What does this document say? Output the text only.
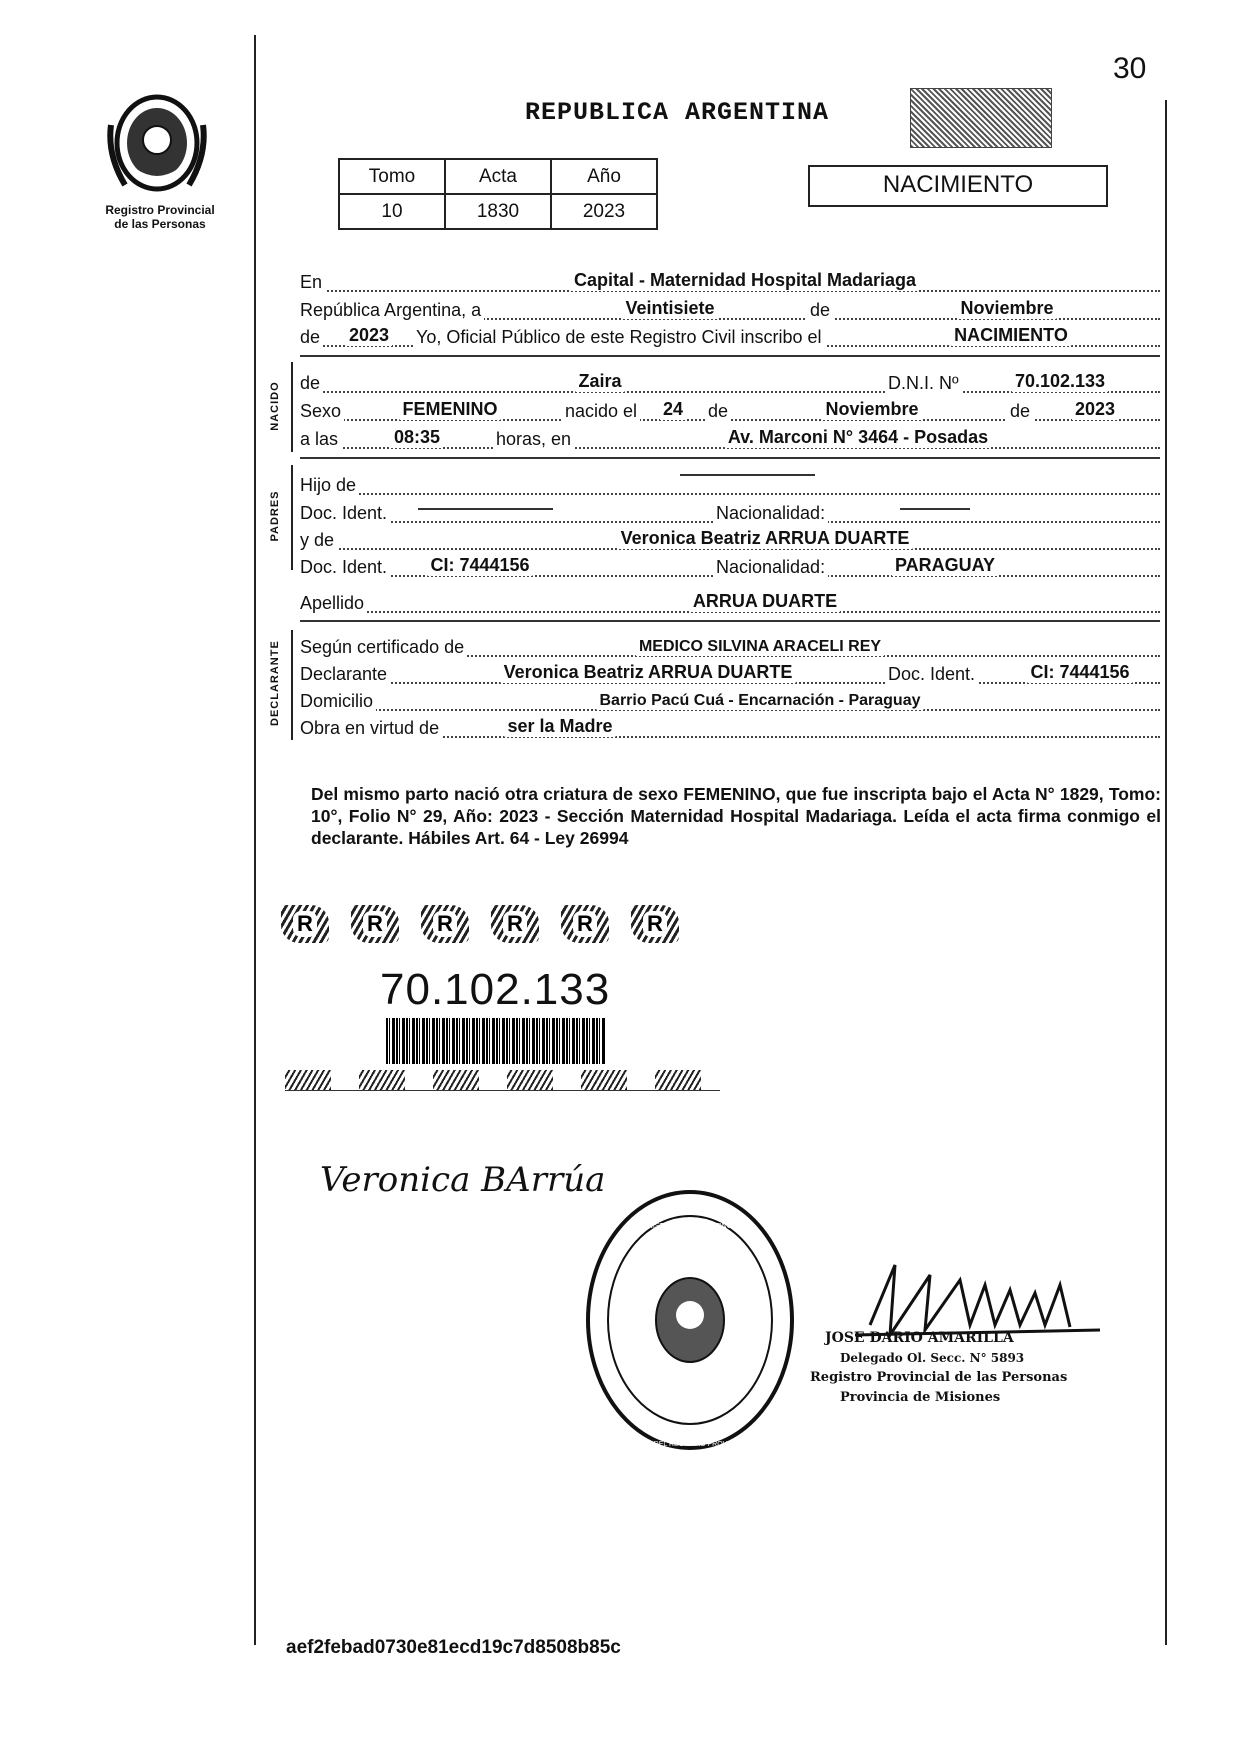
30
Registro Provincial
de las Personas
REPUBLICA ARGENTINA
Tomo	Acta	Año
10	1830	2023
NACIMIENTO
En	Capital - Maternidad Hospital Madariaga
República Argentina, a	Veintisiete	de	Noviembre
de 2023 Yo, Oficial Público de este Registro Civil inscribo el	NACIMIENTO
NACIDO de	Zaira	D.N.I. Nº	70.102.133
Sexo	FEMENINO	nacido el 24 de	Noviembre	de 2023
a las	08:35	horas, en	Av. Marconi N° 3464 - Posadas
PADRES
Hijo de
Doc. Ident.	Nacionalidad:
y de	Veronica Beatriz ARRUA DUARTE
Doc. Ident. CI: 7444156	Nacionalidad:	PARAGUAY
Apellido	ARRUA DUARTE
DECLARANTE Según certificado de	MEDICO SILVINA ARACELI REY
Declarante	Veronica Beatriz ARRUA DUARTE	Doc. Ident.	CI: 7444156
Domicilio	Barrio Pacú Cuá - Encarnación - Paraguay
Obra en virtud de	ser la Madre
Del mismo parto nació otra criatura de sexo FEMENINO, que fue inscripta bajo el Acta N° 1829, Tomo: 10°, Folio N° 29, Año: 2023 - Sección Maternidad Hospital Madariaga. Leída el acta firma conmigo el declarante. Hábiles Art. 64 - Ley 26994
R R R R R R
70.102.133
Veronica BArrúa
DIRECC. GRAL. DEL REGISTRO PROVINCIAL DE LAS PERSONAS
MINISTERIO DE GOBIERNO
JOSE DARIO AMARILLA
Delegado Ol. Secc. N° 5893
Registro Provincial de las Personas
Provincia de Misiones
aef2febad0730e81ecd19c7d8508b85c
